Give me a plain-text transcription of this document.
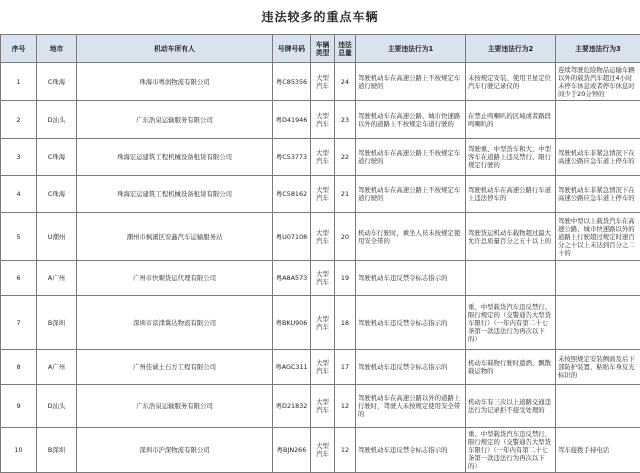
违法较多的重点车辆
序号	地市	机动车所有人	号牌号码	车辆类型	违法总量	主要违法行为1	主要违法行为2	主要违法行为3
1	C珠海	珠海市粤润物流有限公司	粤C85356	大型汽车	24	驾驶机动车在高速公路上不按规定车道行驶的	未按规定安装、使用卫星定位汽车行驶记录仪的	连续驾驶危险物品运输车辆以外的载货汽车超过4小时未停车休息或者停车休息时间少于20分钟的
2	D汕头	广东浩泉运输服务有限公司	粤D41946	大型汽车	23	驾驶机动车在高速公路、城市快速路以外的道路上不按规定车道行驶的	在禁止鸣喇叭的区域或者路段鸣喇叭的	
3	C珠海	珠海宏运建筑工程机械设备租赁有限公司	粤C53773	大型汽车	22	驾驶机动车在高速公路上不按规定车道行驶的	驾驶重、中型货车和大、中型客车在道路上违反禁行、限行规定行驶的	驾驶机动车非紧急情况下在高速公路应急车道上停车的
4	C珠海	珠海宏运建筑工程机械设备租赁有限公司	粤C58162	大型汽车	21	驾驶机动车在高速公路上不按规定车道行驶的	驾驶机动车在高速公路行车道上违法停车的	驾驶机动车非紧急情况下在高速公路应急车道上停车的
5	U潮州	潮州市枫溪区安鑫汽车运输服务站	粤U07108	大型汽车	20	机动车行驶时，乘坐人员未按规定使用安全带的	驾驶货运机动车载物超过最大允许总质量百分之五十以上的	驾驶中型以上载货汽车在高速公路、城市快速路以外的道路上行驶超过规定时速百分之十以上未达到百分之二十的
6	A广州	广州市快顺货运代理有限公司	粤A8A573	大型汽车	19	驾驶机动车违反禁令标志指示的		
7	B深圳	深圳市京津冀达物流有限公司	粤BKU906	大型汽车	18	驾驶机动车违反禁令标志指示的	重、中型载货汽车违反禁行、限行规定的（交警通告大型货车限行）（一年内有第二十七条第一款违法行为再次以下的）	
8	A广州	广州佳诚土石方工程有限公司	粤AGC311	大型汽车	17	驾驶机动车违反禁令标志指示的	机动车载物行驶时遗洒、飘散载运物的	未按照规定安装侧面及后下部防护装置、粘贴车身反光标识的
9	D汕头	广东浩泉运输服务有限公司	粤D21832	大型汽车	12	驾驶机动车在高速公路以外的道路上行驶时，驾驶人未按规定使用安全带的	机动车有三次以上道路交通违法行为记录拒不接受处理的	
10	B深圳	深圳市沪深物流有限公司	粤BJN266	大型汽车	12	驾驶机动车违反禁令标志指示的	重、中型载货汽车违反禁行、限行规定的（交警通告大型货车限行）（一年内有第二十七条第一款违法行为再次以下的）	驾车接拨手持电话
